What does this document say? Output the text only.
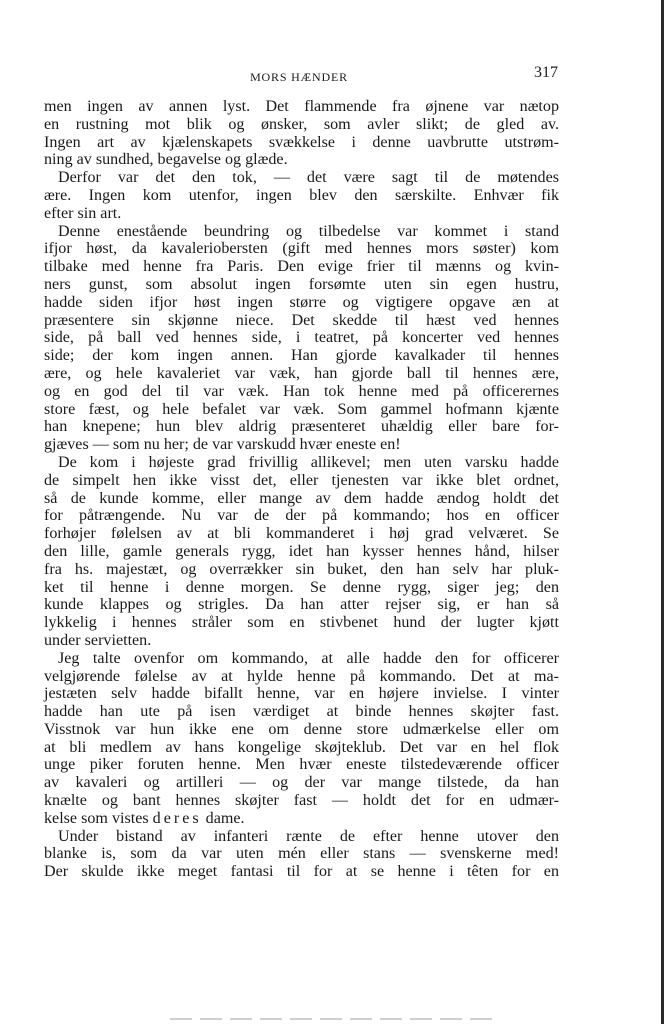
MORS HÆNDER	317
men ingen av annen lyst. Det flammende fra øjnene var nætop
en rustning mot blik og ønsker, som avler slikt; de gled av.
Ingen art av kjælenskapets svækkelse i denne uavbrutte utstrøm-
ning av sundhed, begavelse og glæde.
Derfor var det den tok, — det være sagt til de møtendes
ære. Ingen kom utenfor, ingen blev den særskilte. Enhvær fik
efter sin art.
Denne enestående beundring og tilbedelse var kommet i stand
ifjor høst, da kavaleriobersten (gift med hennes mors søster) kom
tilbake med henne fra Paris. Den evige frier til mænns og kvin-
ners gunst, som absolut ingen forsømte uten sin egen hustru,
hadde siden ifjor høst ingen større og vigtigere opgave æn at
præsentere sin skjønne niece. Det skedde til hæst ved hennes
side, på ball ved hennes side, i teatret, på koncerter ved hennes
side; der kom ingen annen. Han gjorde kavalkader til hennes
ære, og hele kavaleriet var væk, han gjorde ball til hennes ære,
og en god del til var væk. Han tok henne med på officerernes
store fæst, og hele befalet var væk. Som gammel hofmann kjænte
han knepene; hun blev aldrig præsenteret uhældig eller bare for-
gjæves — som nu her; de var varskudd hvær eneste en!
De kom i højeste grad frivillig allikevel; men uten varsku hadde
de simpelt hen ikke visst det, eller tjenesten var ikke blet ordnet,
så de kunde komme, eller mange av dem hadde ændog holdt det
for påtrængende. Nu var de der på kommando; hos en officer
forhøjer følelsen av at bli kommanderet i høj grad velværet. Se
den lille, gamle generals rygg, idet han kysser hennes hånd, hilser
fra hs. majestæt, og overrækker sin buket, den han selv har pluk-
ket til henne i denne morgen. Se denne rygg, siger jeg; den
kunde klappes og strigles. Da han atter rejser sig, er han så
lykkelig i hennes stråler som en stivbenet hund der lugter kjøtt
under servietten.
Jeg talte ovenfor om kommando, at alle hadde den for officerer
velgjørende følelse av at hylde henne på kommando. Det at ma-
jestæten selv hadde bifallt henne, var en højere invielse. I vinter
hadde han ute på isen værdiget at binde hennes skøjter fast.
Visstnok var hun ikke ene om denne store udmærkelse eller om
at bli medlem av hans kongelige skøjteklub. Det var en hel flok
unge piker foruten henne. Men hvær eneste tilstedeværende officer
av kavaleri og artilleri — og der var mange tilstede, da han
knælte og bant hennes skøjter fast — holdt det for en udmær-
kelse som vistes deres dame.
Under bistand av infanteri rænte de efter henne utover den
blanke is, som da var uten mén eller stans — svenskerne med!
Der skulde ikke meget fantasi til for at se henne i têten for en
